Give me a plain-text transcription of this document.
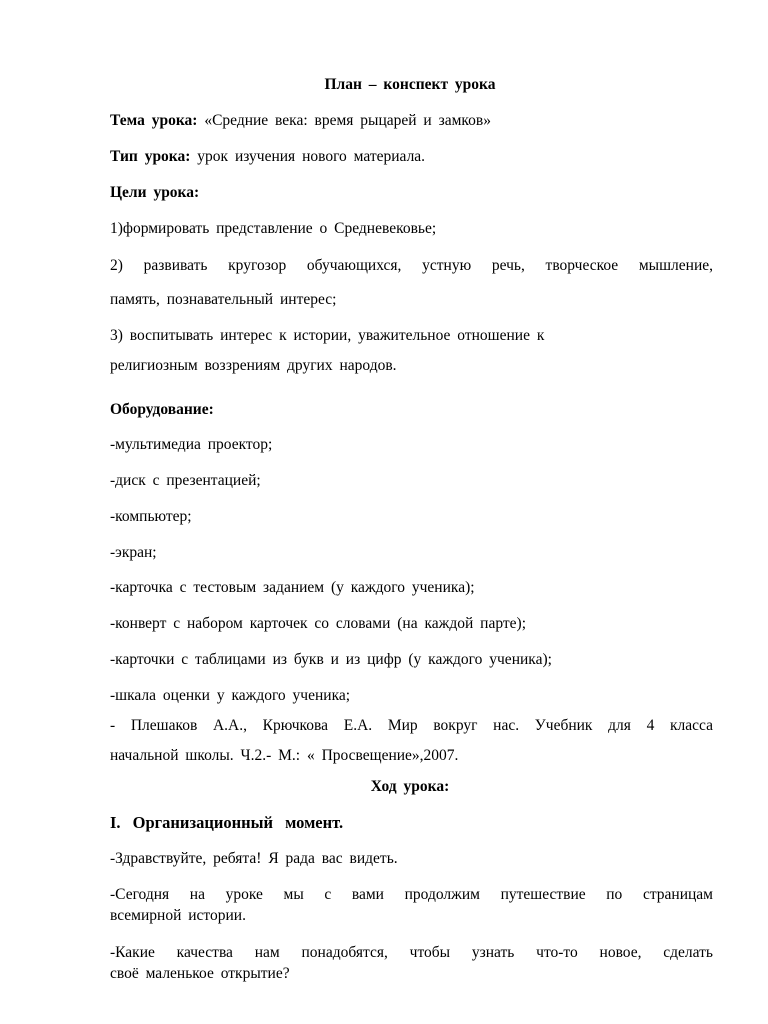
План – конспект урока
Тема урока: «Средние века: время рыцарей и замков»
Тип урока: урок изучения нового материала.
Цели урока:
1)формировать представление о Средневековье;
2) развивать кругозор обучающихся, устную речь, творческое мышление,
память, познавательный интерес;
3) воспитывать интерес к истории, уважительное отношение к
религиозным воззрениям других народов.
Оборудование:
-мультимедиа проектор;
-диск с презентацией;
-компьютер;
-экран;
-карточка с тестовым заданием (у каждого ученика);
-конверт с набором карточек со словами (на каждой парте);
-карточки с таблицами из букв и из цифр (у каждого ученика);
-шкала оценки у каждого ученика;
- Плешаков А.А., Крючкова Е.А. Мир вокруг нас. Учебник для 4 класса
начальной школы. Ч.2.- М.: « Просвещение»,2007.
Ход урока:
I. Организационный момент.
-Здравствуйте, ребята! Я рада вас видеть.
-Сегодня на уроке мы с вами продолжим путешествие по страницам
всемирной истории.
-Какие качества нам понадобятся, чтобы узнать что-то новое, сделать
своё маленькое открытие?
